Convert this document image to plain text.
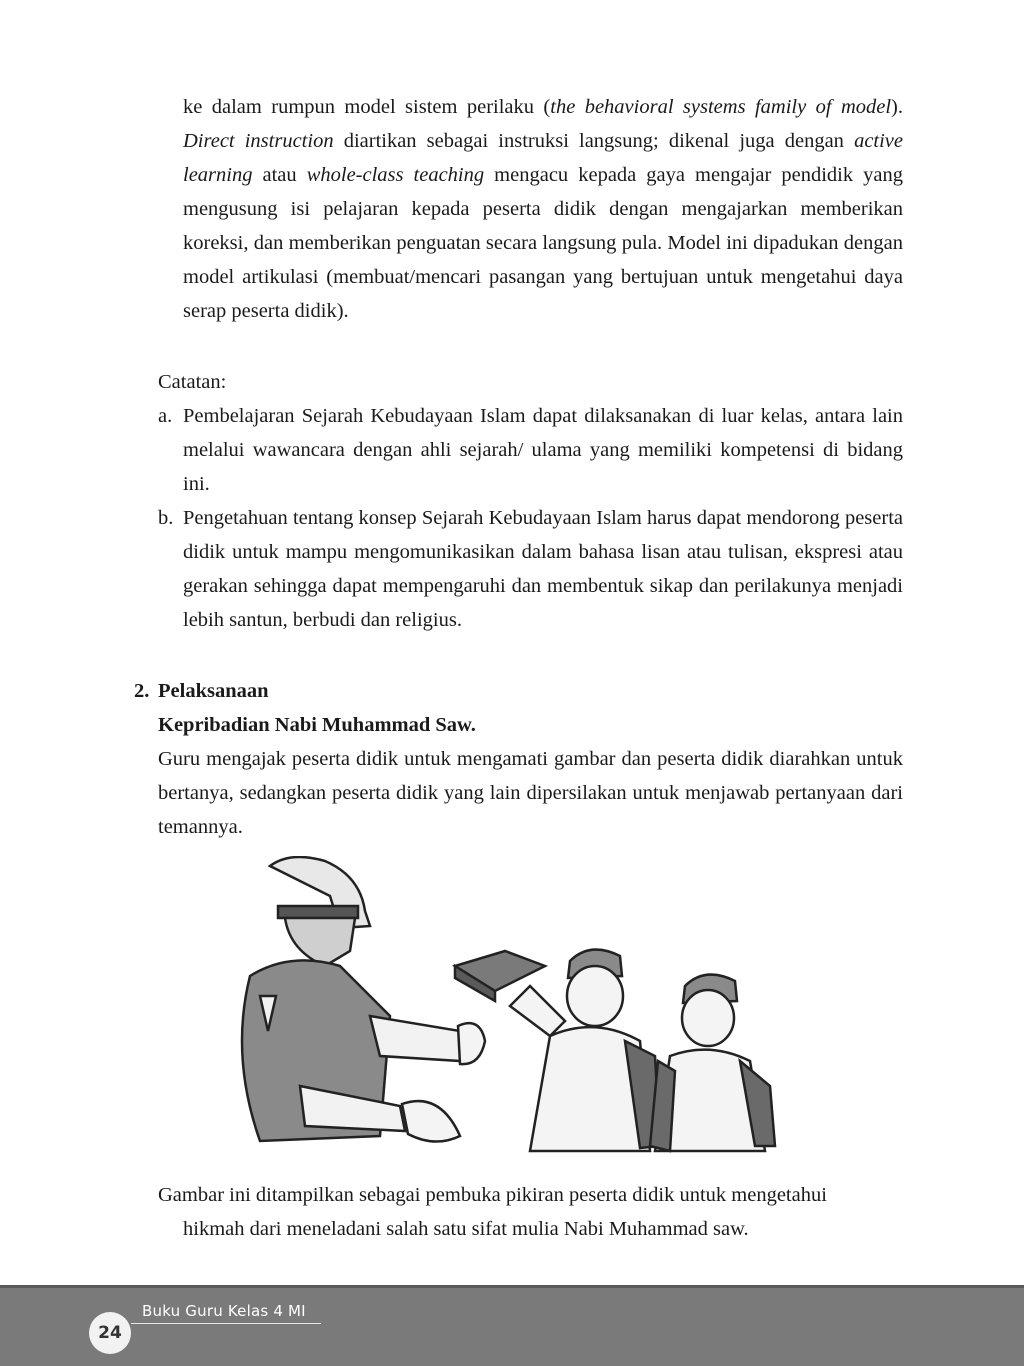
ke dalam rumpun model sistem perilaku (the behavioral systems family of model). Direct instruction diartikan sebagai instruksi langsung; dikenal juga dengan active learning atau whole-class teaching mengacu kepada gaya mengajar pendidik yang mengusung isi pelajaran kepada peserta didik dengan mengajarkan memberikan koreksi, dan memberikan penguatan secara langsung pula. Model ini dipadukan dengan model artikulasi (membuat/mencari pasangan yang bertujuan untuk mengetahui daya serap peserta didik).

Catatan:

a. Pembelajaran Sejarah Kebudayaan Islam dapat dilaksanakan di luar kelas, antara lain melalui wawancara dengan ahli sejarah/ ulama yang memiliki kompetensi di bidang ini.
b. Pengetahuan tentang konsep Sejarah Kebudayaan Islam harus dapat mendorong peserta didik untuk mampu mengomunikasikan dalam bahasa lisan atau tulisan, ekspresi atau gerakan sehingga dapat mempengaruhi dan membentuk sikap dan perilakunya menjadi lebih santun, berbudi dan religius.

2. Pelaksanaan

Kepribadian Nabi Muhammad Saw.

Guru mengajak peserta didik untuk mengamati gambar dan peserta didik diarahkan untuk bertanya, sedangkan peserta didik yang lain dipersilakan untuk menjawab pertanyaan dari temannya.

Gambar ini ditampilkan sebagai pembuka pikiran peserta didik untuk mengetahui
hikmah dari meneladani salah satu sifat mulia Nabi Muhammad saw.

Buku Guru Kelas 4 MI
24
